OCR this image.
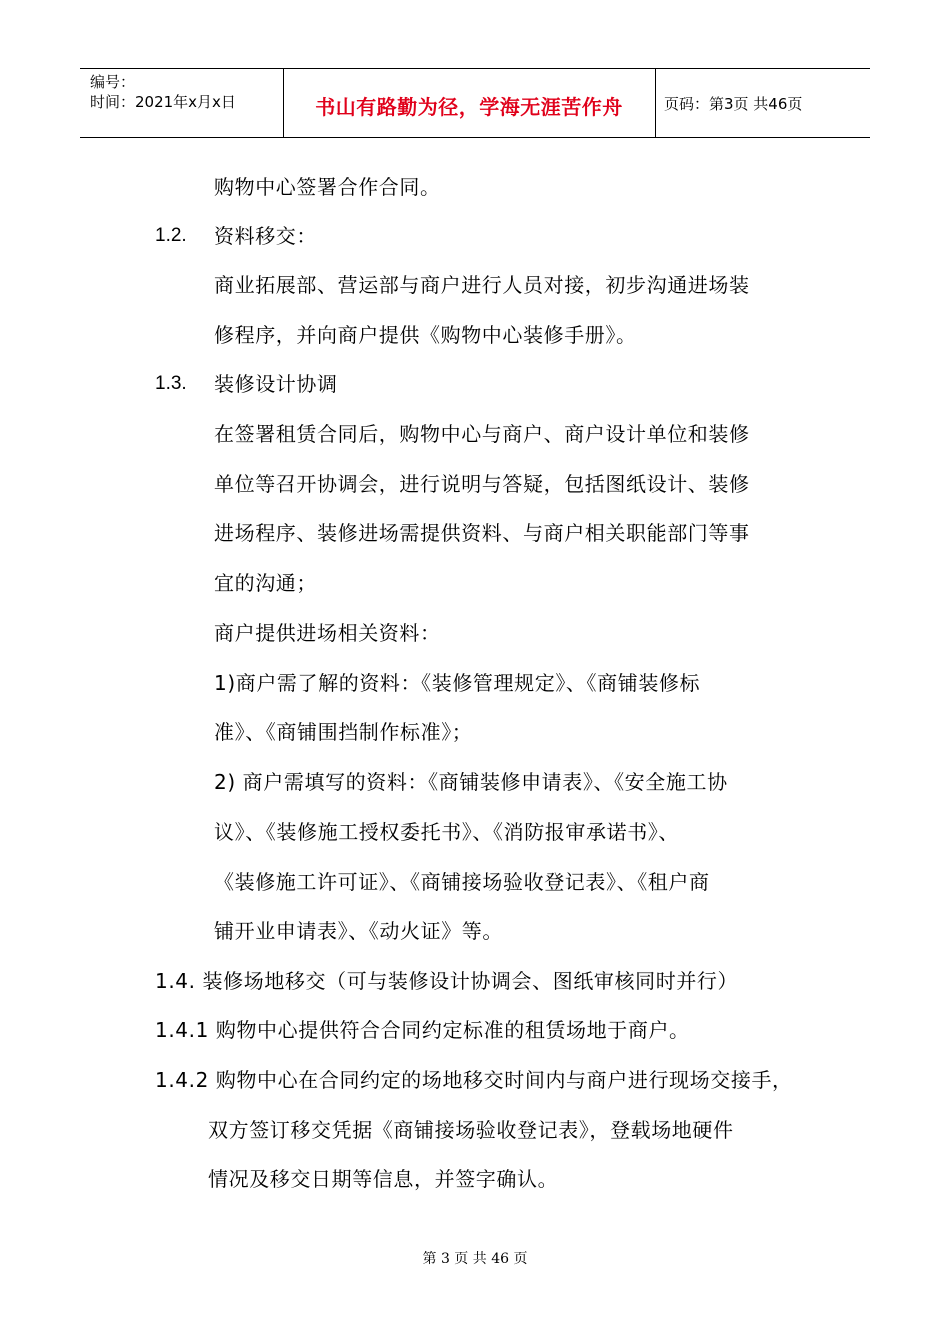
编号：
时间：2021年x月x日	书山有路勤为径，学海无涯苦作舟	页码：第3页 共46页
购物中心签署合作合同。
1.2. 资料移交：
商业拓展部、营运部与商户进行人员对接，初步沟通进场装
修程序，并向商户提供《购物中心装修手册》。
1.3. 装修设计协调
在签署租赁合同后，购物中心与商户、商户设计单位和装修
单位等召开协调会，进行说明与答疑，包括图纸设计、装修
进场程序、装修进场需提供资料、与商户相关职能部门等事
宜的沟通；
商户提供进场相关资料：
1)商户需了解的资料：《装修管理规定》、《商铺装修标
准》、《商铺围挡制作标准》；
2) 商户需填写的资料：《商铺装修申请表》、《安全施工协
议》、《装修施工授权委托书》、《消防报审承诺书》、
《装修施工许可证》、《商铺接场验收登记表》、《租户商
铺开业申请表》、《动火证》等。
1.4. 装修场地移交（可与装修设计协调会、图纸审核同时并行）
1.4.1 购物中心提供符合合同约定标准的租赁场地于商户。
1.4.2 购物中心在合同约定的场地移交时间内与商户进行现场交接手，
双方签订移交凭据《商铺接场验收登记表》，登载场地硬件
情况及移交日期等信息，并签字确认。
第 3 页 共 46 页
